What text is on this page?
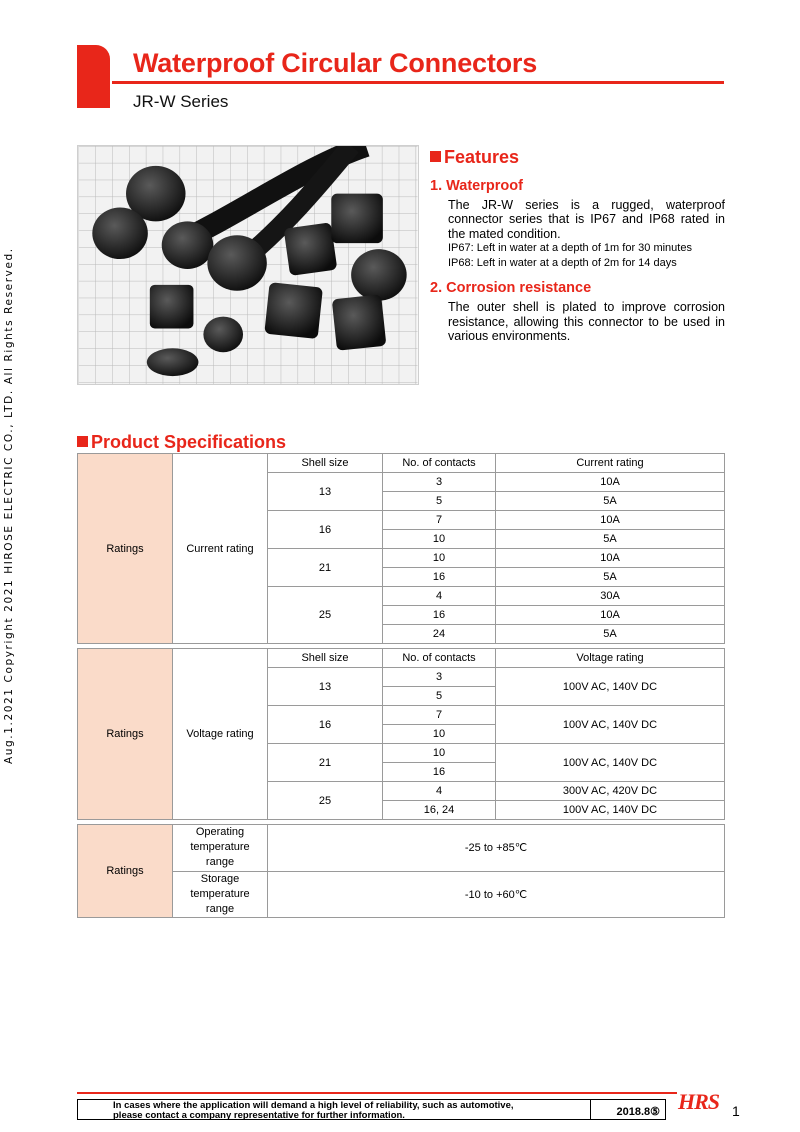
Aug.1.2021 Copyright 2021 HIROSE ELECTRIC CO., LTD. All Rights Reserved.
Waterproof Circular Connectors
JR-W Series
Features
1. Waterproof
The JR-W series is a rugged, waterproof connector series that is IP67 and IP68 rated in the mated condition.
IP67: Left in water at a depth of 1m for 30 minutes
IP68: Left in water at a depth of 2m for 14 days
2. Corrosion resistance
The outer shell is plated to improve corrosion resistance, allowing this connector to be used in various environments.
Product Specifications
Ratings	Current rating	Shell size	No. of contacts	Current rating
		13	3	10A
			5	5A
		16	7	10A
			10	5A
		21	10	10A
			16	5A
		25	4	30A
			16	10A
			24	5A
Ratings	Voltage rating	Shell size	No. of contacts	Voltage rating
		13	3	100V AC, 140V DC
			5	
		16	7	100V AC, 140V DC
			10	
		21	10	100V AC, 140V DC
			16	
		25	4	300V AC, 420V DC
			16, 24	100V AC, 140V DC
Ratings	Operating temperature range	-25 to +85℃
	Storage temperature range	-10 to +60℃
In cases where the application will demand a high level of reliability, such as automotive,
please contact a company representative for further information.	2018.8⑤ HRS 1
